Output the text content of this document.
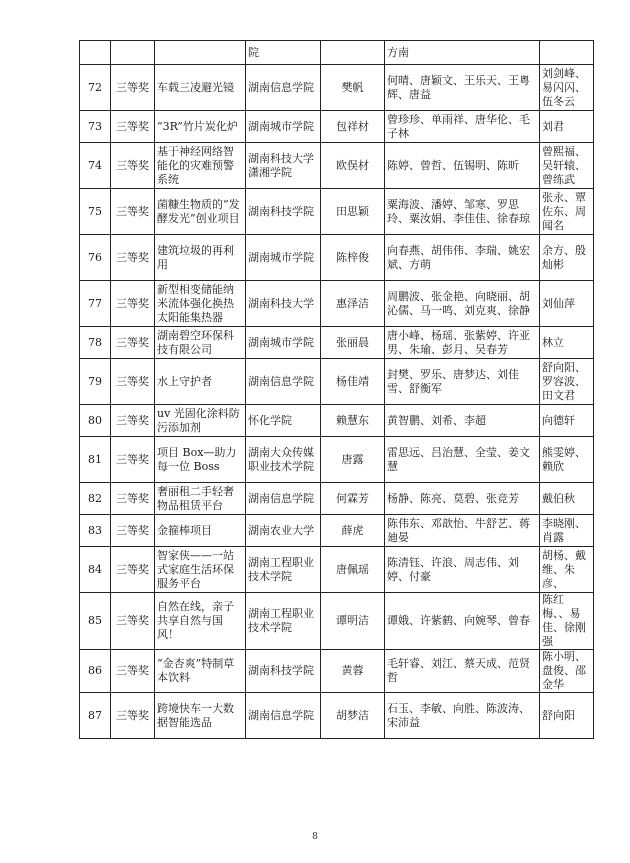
			院		方南	
72	三等奖	车载三凌避光镜	湖南信息学院	樊帆	何晴、唐颖文、王乐天、王粤辉、唐益	刘剑峰、易闪闪、伍冬云
73	三等奖	“3R”竹片炭化炉	湖南城市学院	包祥材	曾珍珍、单雨祥、唐华伦、毛子林	刘君
74	三等奖	基于神经网络智能化的灾难预警系统	湖南科技大学潇湘学院	欧俣材	陈婷、曾哲、伍锡明、陈昕	曾熙福、吴轩辕、曾练武
75	三等奖	菌糠生物质的“发酵发光”创业项目	湖南科技学院	田思颖	粟海波、潘婷、邹寒、罗思玲、粟汝娟、李佳佳、徐春琼	张永、覃佐东、周闻名
76	三等奖	建筑垃圾的再利用	湖南城市学院	陈梓俊	向春燕、胡伟伟、李瑞、姚宏斌、方萌	余方、殷灿彬
77	三等奖	新型相变储能纳米流体强化换热太阳能集热器	湖南科技大学	惠泽洁	周鹏波、张金艳、向晓丽、胡沁儒、马一鸣、刘克爽、徐静	刘仙萍
78	三等奖	湖南碧空环保科技有限公司	湖南城市学院	张丽晨	唐小峰、杨瑶、张紫婷、许亚男、朱瑜、彭月、吴春芳	林立
79	三等奖	水上守护者	湖南信息学院	杨佳靖	封樊、罗乐、唐梦达、刘佳雪、舒衡军	舒向阳、罗容波、田文君
80	三等奖	uv 光固化涂料防污添加剂	怀化学院	赖慧东	黄智鹏、刘希、李超	向德轩
81	三等奖	项目 Box—助力每一位 Boss	湖南大众传媒职业技术学院	唐露	雷思远、吕治慧、全莹、姜文慧	熊雯婷、赖欣
82	三等奖	奢丽租二手轻奢物品租赁平台	湖南信息学院	何霖芳	杨静、陈亮、莫碧、张竞芳	戴伯秋
83	三等奖	金箍棒项目	湖南农业大学	薛虎	陈伟东、邓歆怡、牛舒艺、蒋廸晏	李晓刚、肖露
84	三等奖	智家侠——一站式家庭生活环保服务平台	湖南工程职业技术学院	唐佩瑶	陈清钰、许浪、周志伟、刘婷、付豪	胡杨、戴维、朱彦、
85	三等奖	自然在线，亲子共享自然与国风！	湖南工程职业技术学院	谭明洁	谭娥、许紫鹤、向婉琴、曾春	陈红梅、、易佳、徐刚强
86	三等奖	“金杏爽”特制草本饮料	湖南科技学院	黄蓉	毛轩睿、刘江、蔡天成、范贤哲	陈小明、盘俊、邵金华
87	三等奖	跨境快车一大数据智能选品	湖南信息学院	胡梦洁	石玉、李敏、向胜、陈波涛、宋沛益	舒向阳
8
